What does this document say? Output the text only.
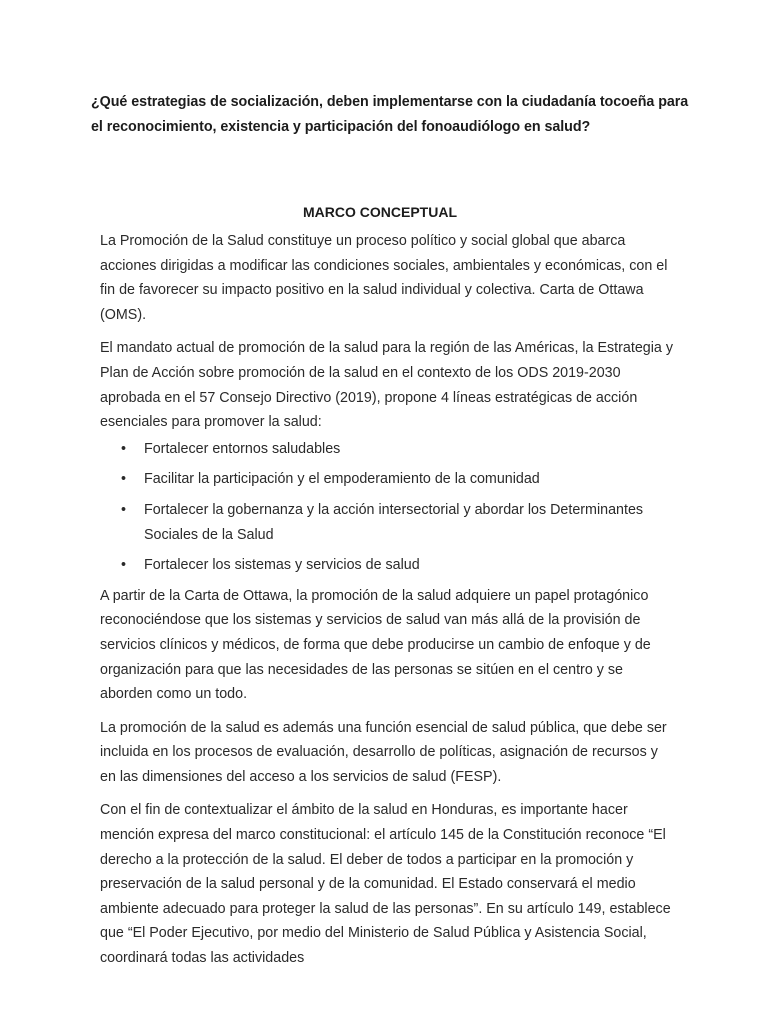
¿Qué estrategias de socialización, deben implementarse con la ciudadanía tocoeña para el reconocimiento, existencia y participación del fonoaudiólogo en salud?
MARCO CONCEPTUAL

La Promoción de la Salud constituye un proceso político y social global que abarca acciones dirigidas a modificar las condiciones sociales, ambientales y económicas, con el fin de favorecer su impacto positivo en la salud individual y colectiva. Carta de Ottawa (OMS).

El mandato actual de promoción de la salud para la región de las Américas, la Estrategia y Plan de Acción sobre promoción de la salud en el contexto de los ODS 2019-2030 aprobada en el 57 Consejo Directivo (2019), propone 4 líneas estratégicas de acción esenciales para promover la salud:

• Fortalecer entornos saludables
• Facilitar la participación y el empoderamiento de la comunidad
• Fortalecer la gobernanza y la acción intersectorial y abordar los Determinantes Sociales de la Salud
• Fortalecer los sistemas y servicios de salud

A partir de la Carta de Ottawa, la promoción de la salud adquiere un papel protagónico reconociéndose que los sistemas y servicios de salud van más allá de la provisión de servicios clínicos y médicos, de forma que debe producirse un cambio de enfoque y de organización para que las necesidades de las personas se sitúen en el centro y se aborden como un todo.

La promoción de la salud es además una función esencial de salud pública, que debe ser incluida en los procesos de evaluación, desarrollo de políticas, asignación de recursos y en las dimensiones del acceso a los servicios de salud (FESP).

Con el fin de contextualizar el ámbito de la salud en Honduras, es importante hacer mención expresa del marco constitucional: el artículo 145 de la Constitución reconoce “El derecho a la protección de la salud. El deber de todos a participar en la promoción y preservación de la salud personal y de la comunidad. El Estado conservará el medio ambiente adecuado para proteger la salud de las personas”. En su artículo 149, establece que “El Poder Ejecutivo, por medio del Ministerio de Salud Pública y Asistencia Social, coordinará todas las actividades
